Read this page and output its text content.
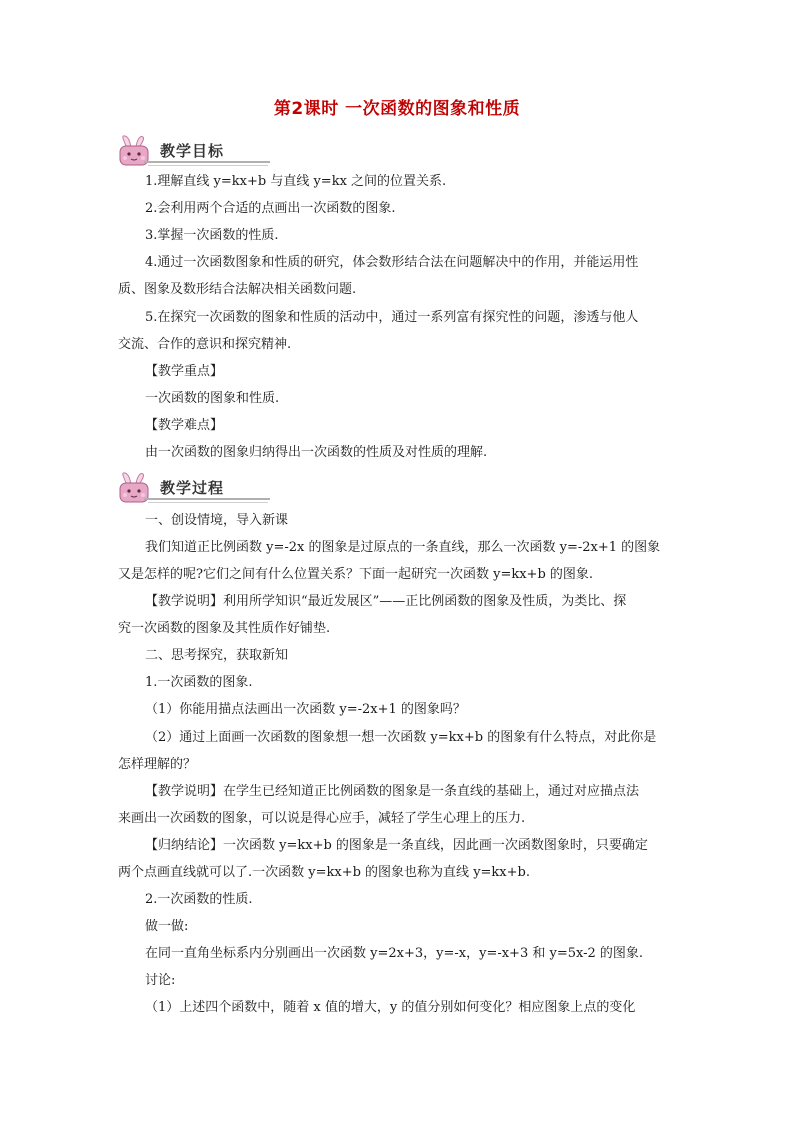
第2课时 一次函数的图象和性质
教学目标
1.理解直线 y=kx+b 与直线 y=kx 之间的位置关系.
2.会利用两个合适的点画出一次函数的图象.
3.掌握一次函数的性质.
4.通过一次函数图象和性质的研究，体会数形结合法在问题解决中的作用，并能运用性
质、图象及数形结合法解决相关函数问题.
5.在探究一次函数的图象和性质的活动中，通过一系列富有探究性的问题，渗透与他人
交流、合作的意识和探究精神.
【教学重点】
一次函数的图象和性质.
【教学难点】
由一次函数的图象归纳得出一次函数的性质及对性质的理解.
教学过程
一、创设情境，导入新课
我们知道正比例函数 y=-2x 的图象是过原点的一条直线，那么一次函数 y=-2x+1 的图象
又是怎样的呢?它们之间有什么位置关系？下面一起研究一次函数 y=kx+b 的图象.
【教学说明】利用所学知识“最近发展区”——正比例函数的图象及性质，为类比、探
究一次函数的图象及其性质作好铺垫.
二、思考探究，获取新知
1.一次函数的图象.
（1）你能用描点法画出一次函数 y=-2x+1 的图象吗？
（2）通过上面画一次函数的图象想一想一次函数 y=kx+b 的图象有什么特点，对此你是
怎样理解的？
【教学说明】在学生已经知道正比例函数的图象是一条直线的基础上，通过对应描点法
来画出一次函数的图象，可以说是得心应手，减轻了学生心理上的压力.
【归纳结论】一次函数 y=kx+b 的图象是一条直线，因此画一次函数图象时，只要确定
两个点画直线就可以了.一次函数 y=kx+b 的图象也称为直线 y=kx+b.
2.一次函数的性质.
做一做:
在同一直角坐标系内分别画出一次函数 y=2x+3，y=-x，y=-x+3 和 y=5x-2 的图象.
讨论:
（1）上述四个函数中，随着 x 值的增大，y 的值分别如何变化？相应图象上点的变化
